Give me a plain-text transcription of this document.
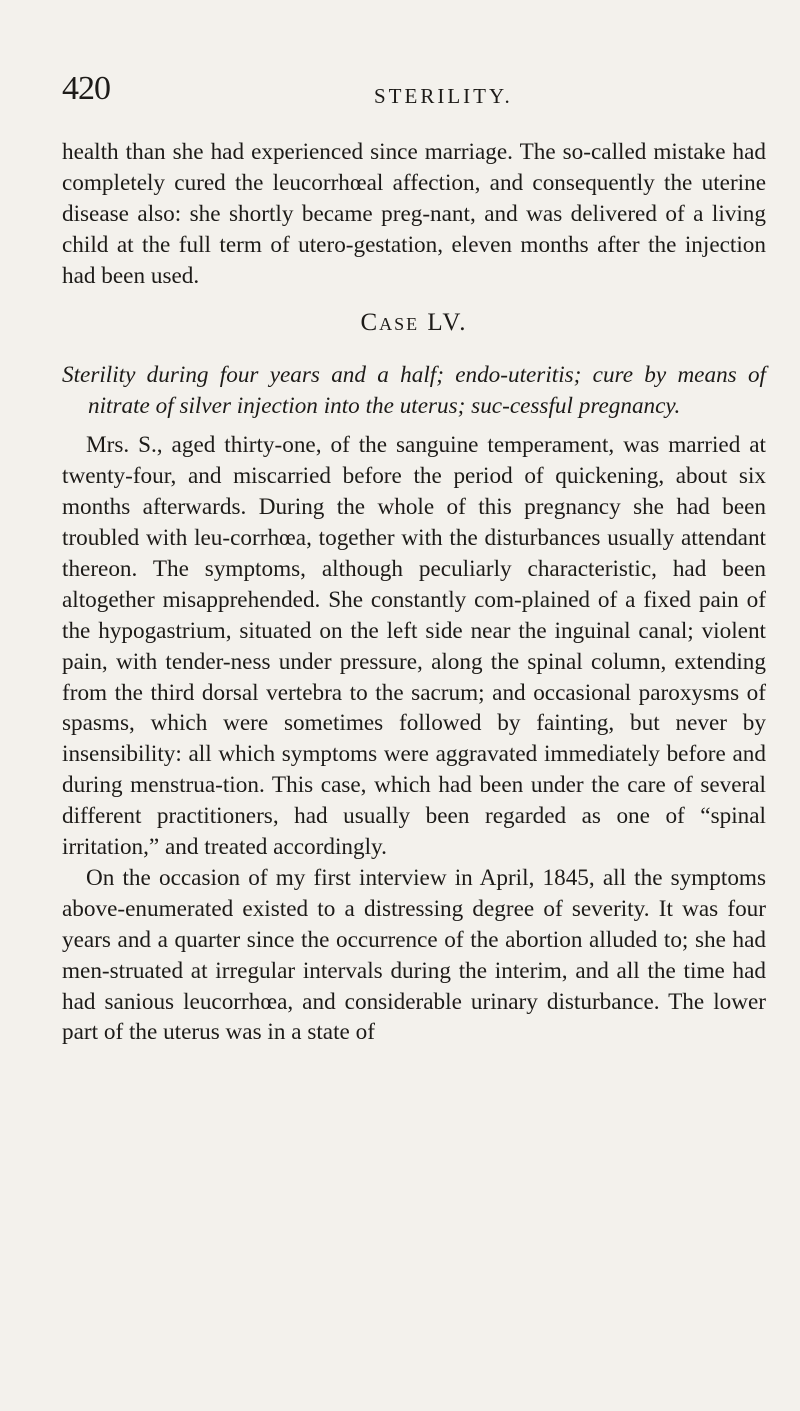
420	STERILITY.

health than she had experienced since marriage. The so-called mistake had completely cured the leucorrhœal affection, and consequently the uterine disease also: she shortly became preg-nant, and was delivered of a living child at the full term of utero-gestation, eleven months after the injection had been used.

Case LV.

Sterility during four years and a half; endo-uteritis; cure by means of nitrate of silver injection into the uterus; suc-cessful pregnancy.

Mrs. S., aged thirty-one, of the sanguine temperament, was married at twenty-four, and miscarried before the period of quickening, about six months afterwards. During the whole of this pregnancy she had been troubled with leu-corrhœa, together with the disturbances usually attendant thereon. The symptoms, although peculiarly characteristic, had been altogether misapprehended. She constantly com-plained of a fixed pain of the hypogastrium, situated on the left side near the inguinal canal; violent pain, with tender-ness under pressure, along the spinal column, extending from the third dorsal vertebra to the sacrum; and occasional paroxysms of spasms, which were sometimes followed by fainting, but never by insensibility: all which symptoms were aggravated immediately before and during menstrua-tion. This case, which had been under the care of several different practitioners, had usually been regarded as one of “spinal irritation,” and treated accordingly.

On the occasion of my first interview in April, 1845, all the symptoms above-enumerated existed to a distressing degree of severity. It was four years and a quarter since the occurrence of the abortion alluded to; she had men-struated at irregular intervals during the interim, and all the time had had sanious leucorrhœa, and considerable urinary disturbance. The lower part of the uterus was in a state of
